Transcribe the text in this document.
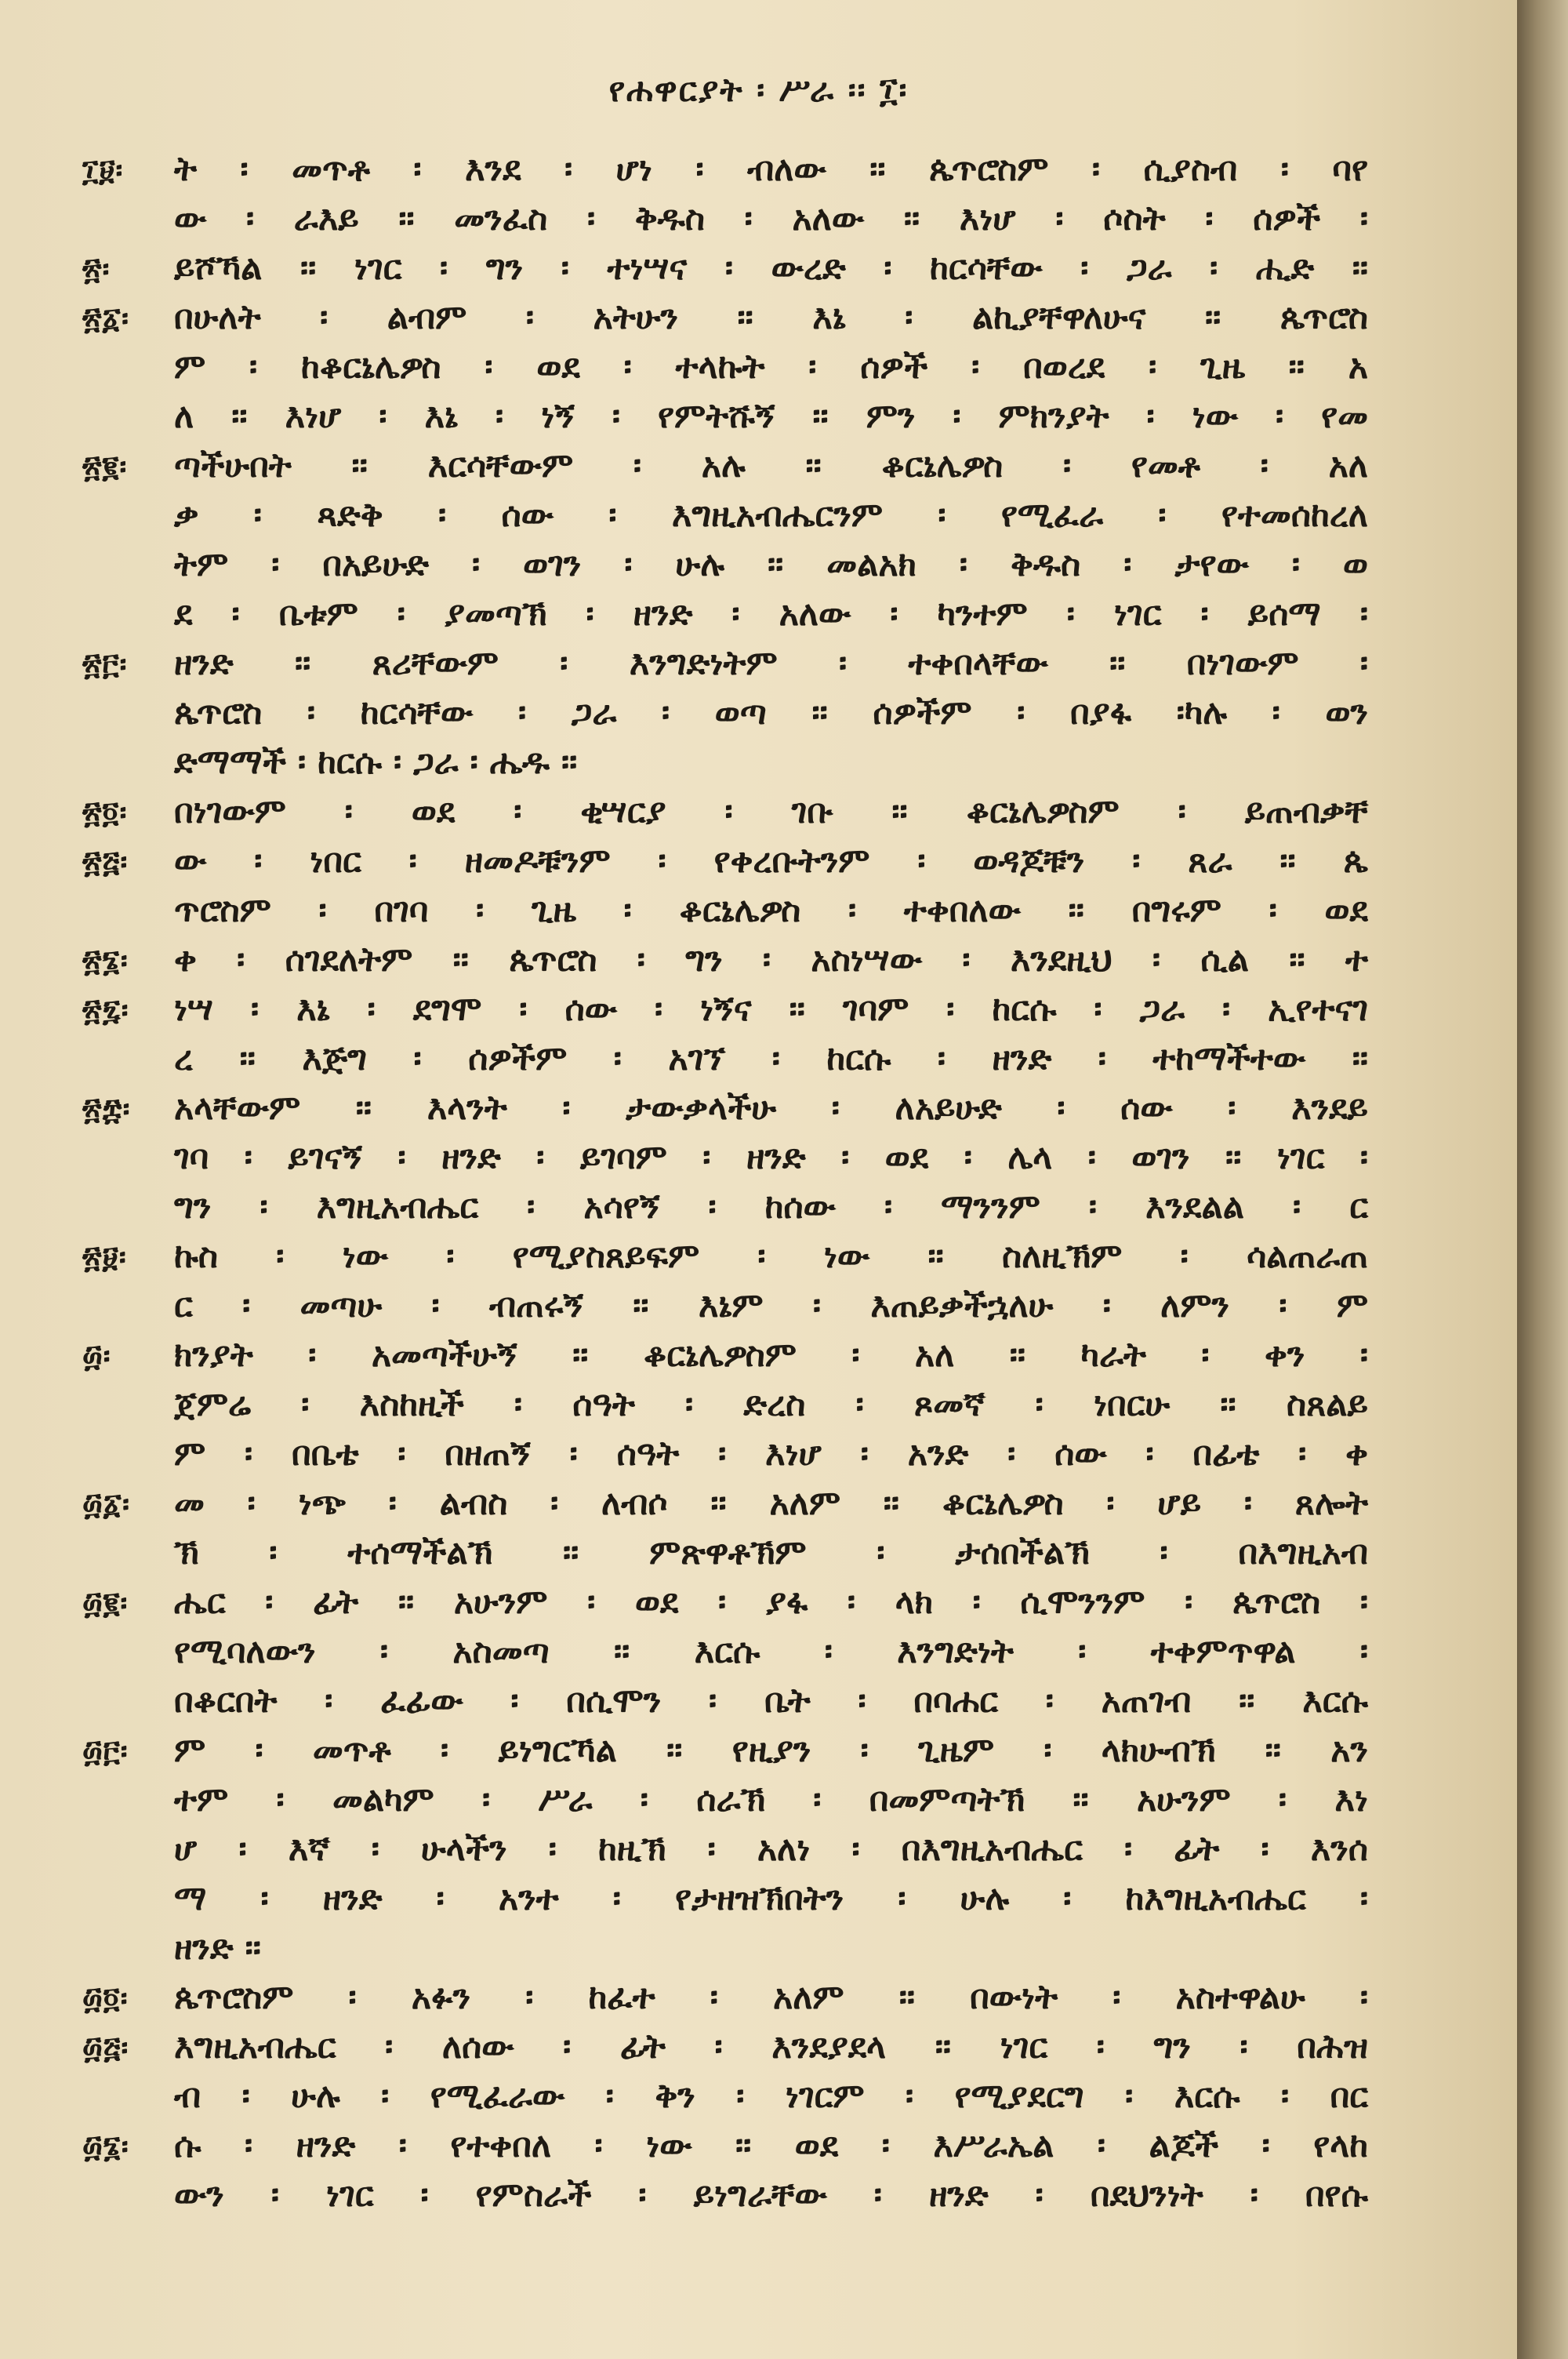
የሐዋርያት ፡ ሥራ ፡፡ ፲፡
፲፱፡	ት ፡ መጥቶ ፡ እንደ ፡ ሆነ ፡ ብለው ፡፡ ጴጥሮስም ፡ ሲያስብ ፡ ባየ
ው ፡ ራእይ ፡፡ መንፈስ ፡ ቅዱስ ፡ አለው ፡፡ እነሆ ፡ ሶስት ፡ ሰዎች ፡
፳፡	ይሾኻል ፡፡ ነገር ፡ ግን ፡ ተነሣና ፡ ውረድ ፡ ከርሳቸው ፡ ጋራ ፡ ሒድ ፡፡
፳፩፡	በሁለት ፡ ልብም ፡ አትሁን ፡፡ እኔ ፡ ልኪያቸዋለሁና ፡፡ ጴጥሮስ
ም ፡ ከቆርኔሌዎስ ፡ ወደ ፡ ተላኩት ፡ ሰዎች ፡ በወረደ ፡ ጊዜ ፡፡ አ
ለ ፡፡ እነሆ ፡ እኔ ፡ ነኝ ፡ የምትሹኝ ፡፡ ምን ፡ ምክንያት ፡ ነው ፡ የመ
፳፪፡	ጣችሁበት ፡፡ እርሳቸውም ፡ አሉ ፡፡ ቆርኔሌዎስ ፡ የመቶ ፡ አለ
ቃ ፡ ጻድቅ ፡ ሰው ፡ እግዚአብሔርንም ፡ የሚፈራ ፡ የተመሰከረለ
ትም ፡ በአይሁድ ፡ ወገን ፡ ሁሉ ፡፡ መልአክ ፡ ቅዱስ ፡ ታየው ፡ ወ
ደ ፡ ቤቱም ፡ ያመጣኽ ፡ ዘንድ ፡ አለው ፡ ካንተም ፡ ነገር ፡ ይሰማ ፡
፳፫፡	ዘንድ ፡፡ ጸሪቸውም ፡ እንግድነትም ፡ ተቀበላቸው ፡፡ በነገውም ፡
ጴጥሮስ ፡ ከርሳቸው ፡ ጋራ ፡ ወጣ ፡፡ ሰዎችም ፡ በያፋ ፡ካሉ ፡ ወን
ድማማች ፡ ከርሱ ፡ ጋራ ፡ ሔዱ ፡፡
፳፬፡	በነገውም ፡ ወደ ፡ ቂሣርያ ፡ ገቡ ፡፡ ቆርኔሌዎስም ፡ ይጠብቃቸ
፳፭፡	ው ፡ ነበር ፡ ዘመዶቹንም ፡ የቀረቡትንም ፡ ወዳጆቹን ፡ ጸራ ፡፡ ጴ
ጥሮስም ፡ በገባ ፡ ጊዜ ፡ ቆርኔሌዎስ ፡ ተቀበለው ፡፡ በግሩም ፡ ወደ
፳፮፡	ቀ ፡ ሰገደለትም ፡፡ ጴጥሮስ ፡ ግን ፡ አስነሣው ፡ እንደዚህ ፡ ሲል ፡፡ ተ
፳፯፡	ነሣ ፡ እኔ ፡ ደግሞ ፡ ሰው ፡ ነኝና ፡፡ ገባም ፡ ከርሱ ፡ ጋራ ፡ ኢየተናገ
ረ ፡፡ እጅግ ፡ ሰዎችም ፡ አገኘ ፡ ከርሱ ፡ ዘንድ ፡ ተከማችተው ፡፡
፳፰፡	አላቸውም ፡፡ እላንት ፡ ታውቃላችሁ ፡ ለአይሁድ ፡ ሰው ፡ እንደይ
ገባ ፡ ይገናኝ ፡ ዘንድ ፡ ይገባም ፡ ዘንድ ፡ ወደ ፡ ሌላ ፡ ወገን ፡፡ ነገር ፡
ግን ፡ እግዚአብሔር ፡ አሳየኝ ፡ ከሰው ፡ ማንንም ፡ እንደልል ፡ ር
፳፱፡	ኩስ ፡ ነው ፡ የሚያስጸይፍም ፡ ነው ፡፡ ስለዚኽም ፡ ሳልጠራጠ
ር ፡ መጣሁ ፡ ብጠሩኝ ፡፡ እኔም ፡ እጠይቃችኋለሁ ፡ ለምን ፡ ም
፴፡	ክንያት ፡ አመጣችሁኝ ፡፡ ቆርኔሌዎስም ፡ አለ ፡፡ ካራት ፡ ቀን ፡
ጀምሬ ፡ እስከዚች ፡ ሰዓት ፡ ድረስ ፡ ጾመኛ ፡ ነበርሁ ፡፡ ስጸልይ
ም ፡ በቤቴ ፡ በዘጠኝ ፡ ሰዓት ፡ እነሆ ፡ አንድ ፡ ሰው ፡ በፊቴ ፡ ቀ
፴፩፡	መ ፡ ነጭ ፡ ልብስ ፡ ለብሶ ፡፡ አለም ፡፡ ቆርኔሌዎስ ፡ ሆይ ፡ ጸሎት
ኽ ፡ ተሰማችልኽ ፡፡ ምጽዋቶኽም ፡ ታሰበችልኽ ፡ በእግዚአብ
፴፪፡	ሔር ፡ ፊት ፡፡ አሁንም ፡ ወደ ፡ ያፋ ፡ ላክ ፡ ሲሞንንም ፡ ጴጥሮስ ፡
የሚባለውን ፡ አስመጣ ፡፡ እርሱ ፡ እንግድነት ፡ ተቀምጥዋል ፡
በቆርበት ፡ ፈፊው ፡ በሲሞን ፡ ቤት ፡ በባሐር ፡ አጠገብ ፡፡ እርሱ
፴፫፡	ም ፡ መጥቶ ፡ ይነግርኻል ፡፡ የዚያን ፡ ጊዜም ፡ ላክሁብኽ ፡፡ አን
ተም ፡ መልካም ፡ ሥራ ፡ ሰራኽ ፡ በመምጣትኽ ፡፡ አሁንም ፡ እነ
ሆ ፡ እኛ ፡ ሁላችን ፡ ከዚኽ ፡ አለነ ፡ በእግዚአብሔር ፡ ፊት ፡ እንሰ
ማ ፡ ዘንድ ፡ አንተ ፡ የታዘዝኽበትን ፡ ሁሉ ፡ ከእግዚአብሔር ፡
ዘንድ ፡፡
፴፬፡	ጴጥሮስም ፡ አፉን ፡ ከፈተ ፡ አለም ፡፡ በውነት ፡ አስተዋልሁ ፡
፴፭፡	እግዚአብሔር ፡ ለሰው ፡ ፊት ፡ እንደያደላ ፡፡ ነገር ፡ ግን ፡ በሕዝ
ብ ፡ ሁሉ ፡ የሚፈራው ፡ ቅን ፡ ነገርም ፡ የሚያደርግ ፡ እርሱ ፡ በር
፴፮፡	ሱ ፡ ዘንድ ፡ የተቀበለ ፡ ነው ፡፡ ወደ ፡ እሥራኤል ፡ ልጆች ፡ የላከ
ውን ፡ ነገር ፡ የምስራች ፡ ይነግራቸው ፡ ዘንድ ፡ በደህንነት ፡ በየሱ
